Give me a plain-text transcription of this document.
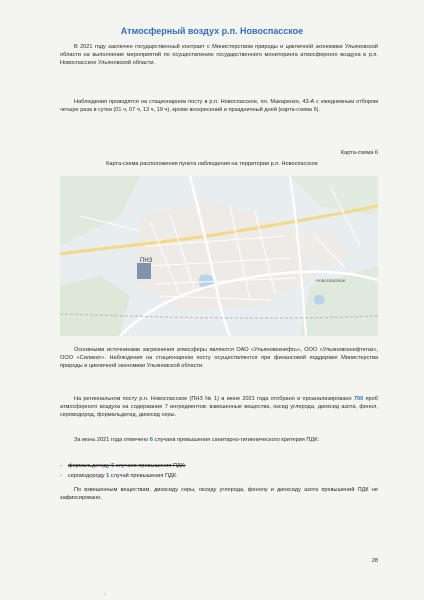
Атмосферный воздух р.п. Новоспасское
В 2021 году заключен государственный контракт с Министерством природы и цикличной экономики Ульяновской области на выполнение мероприятий по осуществлению государственного мониторинга атмосферного воздуха в р.п. Новоспасское Ульяновской области.
Наблюдения проводятся на стационарном посту в р.п. Новоспасское, пл. Макаренко, 43-А с ежедневным отбором четыре раза в сутки (01 ч, 07 ч, 13 ч, 19 ч), кроме воскресений и праздничный дней (карта-схема 6).
Карта-схема 6
Карта-схема расположения пункта наблюдения на территории р.п. Новоспасское
ПНЗ
Новоспасское
Основными источниками загрязнения атмосферы являются ОАО «Ульяновскнефть», ООО «Ульяновскнефтегаз», ООО «Силикат». Наблюдения на стационарном посту осуществляются при финансовой поддержке Министерства природы и цикличной экономики Ульяновской области.
На региональном посту р.п. Новоспасское (ПНЗ № 1) в июне 2021 года отобрано и проанализировано 700 проб атмосферного воздуха на содержание 7 ингредиентов: взвешенные вещества, оксид углерода, диоксид азота, фенол, сероводород, формальдегид, диоксид серы.
За июнь 2021 года отмечено 6 случаев превышения санитарно-гигиенического критерия ПДК:
- формальдегиду 5 случаев превышения ПДК;
- сероводороду 1 случай превышения ПДК.
По взвешенным веществам, диоксиду серы, оксиду углерода, фенолу и диоксиду азота превышений ПДК не зафиксировано.
28
•
